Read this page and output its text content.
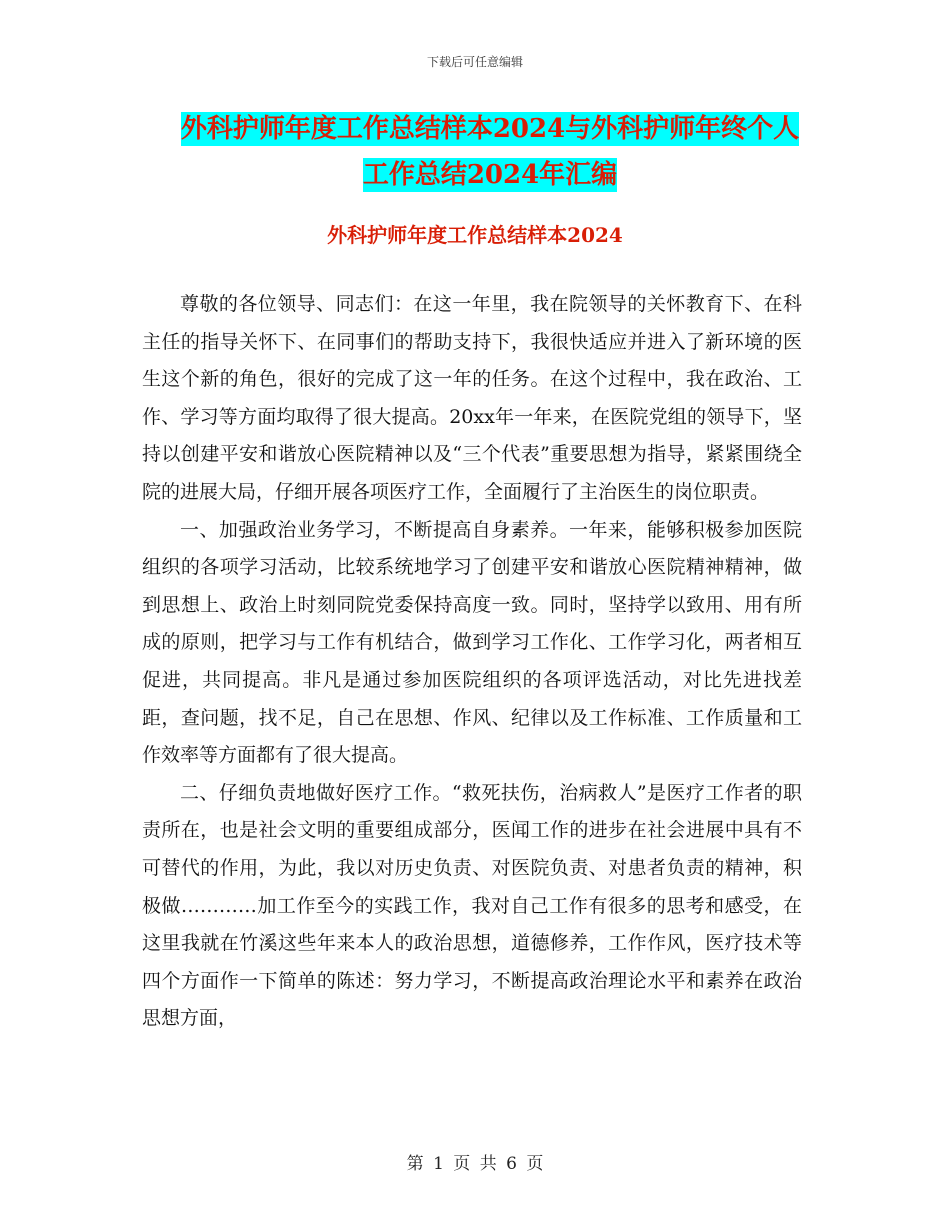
下载后可任意编辑
外科护师年度工作总结样本2024与外科护师年终个人
工作总结2024年汇编
外科护师年度工作总结样本2024

尊敬的各位领导、同志们：在这一年里，我在院领导的关怀教育下、在科主任的指导关怀下、在同事们的帮助支持下，我很快适应并进入了新环境的医生这个新的角色，很好的完成了这一年的任务。在这个过程中，我在政治、工作、学习等方面均取得了很大提高。20xx年一年来，在医院党组的领导下，坚持以创建平安和谐放心医院精神以及“三个代表”重要思想为指导，紧紧围绕全院的进展大局，仔细开展各项医疗工作，全面履行了主治医生的岗位职责。

一、加强政治业务学习，不断提高自身素养。一年来，能够积极参加医院组织的各项学习活动，比较系统地学习了创建平安和谐放心医院精神精神，做到思想上、政治上时刻同院党委保持高度一致。同时，坚持学以致用、用有所成的原则，把学习与工作有机结合，做到学习工作化、工作学习化，两者相互促进，共同提高。非凡是通过参加医院组织的各项评选活动，对比先进找差距，查问题，找不足，自己在思想、作风、纪律以及工作标准、工作质量和工作效率等方面都有了很大提高。

二、仔细负责地做好医疗工作。“救死扶伤，治病救人”是医疗工作者的职责所在，也是社会文明的重要组成部分，医闻工作的进步在社会进展中具有不可替代的作用，为此，我以对历史负责、对医院负责、对患者负责的精神，积极做…………加工作至今的实践工作，我对自己工作有很多的思考和感受，在这里我就在竹溪这些年来本人的政治思想，道德修养，工作作风，医疗技术等四个方面作一下简单的陈述：努力学习，不断提高政治理论水平和素养在政治思想方面，

第 1 页 共 6 页
